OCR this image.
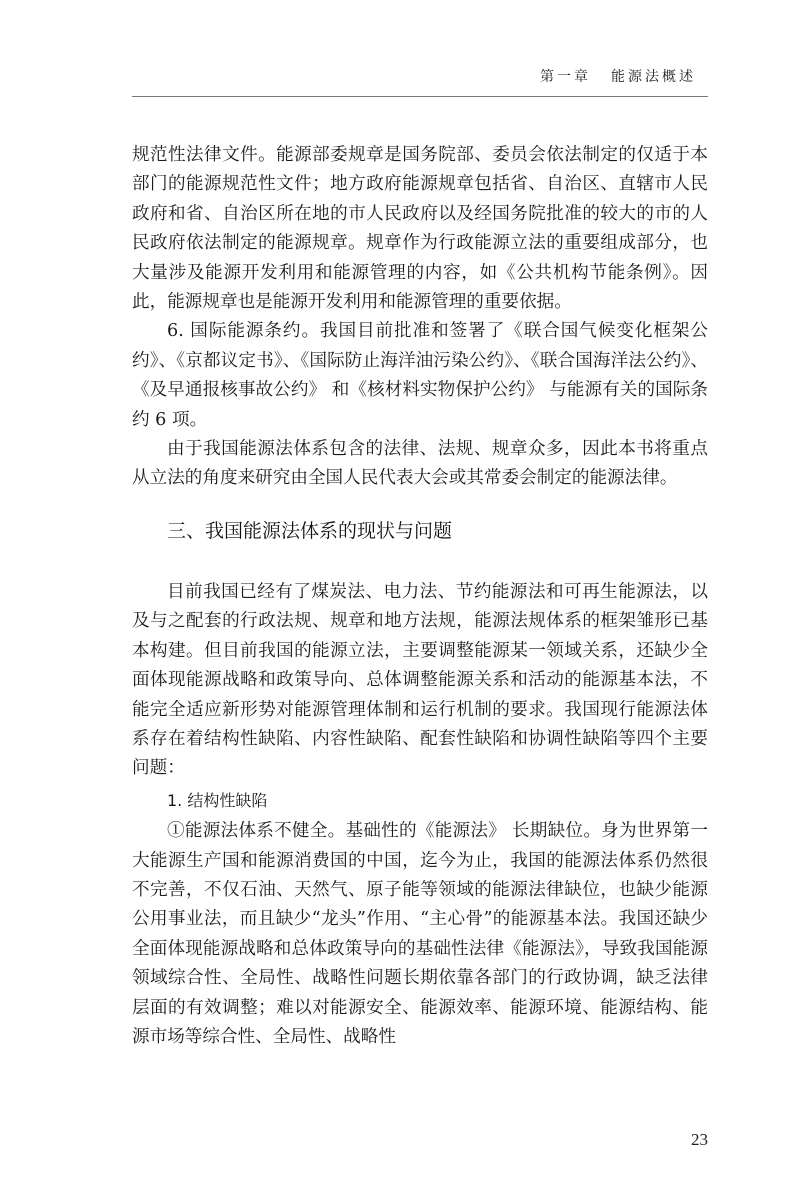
第一章 能源法概述

规范性法律文件。能源部委规章是国务院部、委员会依法制定的仅适于本部门的能源规范性文件；地方政府能源规章包括省、自治区、直辖市人民政府和省、自治区所在地的市人民政府以及经国务院批准的较大的市的人民政府依法制定的能源规章。规章作为行政能源立法的重要组成部分，也大量涉及能源开发利用和能源管理的内容，如《公共机构节能条例》。因此，能源规章也是能源开发利用和能源管理的重要依据。

6. 国际能源条约。我国目前批准和签署了《联合国气候变化框架公约》、《京都议定书》、《国际防止海洋油污染公约》、《联合国海洋法公约》、《及早通报核事故公约》 和《核材料实物保护公约》 与能源有关的国际条约 6 项。

由于我国能源法体系包含的法律、法规、规章众多，因此本书将重点从立法的角度来研究由全国人民代表大会或其常委会制定的能源法律。

三、我国能源法体系的现状与问题

目前我国已经有了煤炭法、电力法、节约能源法和可再生能源法，以及与之配套的行政法规、规章和地方法规，能源法规体系的框架雏形已基本构建。但目前我国的能源立法，主要调整能源某一领域关系，还缺少全面体现能源战略和政策导向、总体调整能源关系和活动的能源基本法，不能完全适应新形势对能源管理体制和运行机制的要求。我国现行能源法体系存在着结构性缺陷、内容性缺陷、配套性缺陷和协调性缺陷等四个主要问题：

1. 结构性缺陷

①能源法体系不健全。基础性的《能源法》 长期缺位。身为世界第一大能源生产国和能源消费国的中国，迄今为止，我国的能源法体系仍然很不完善，不仅石油、天然气、原子能等领域的能源法律缺位，也缺少能源公用事业法，而且缺少“龙头”作用、“主心骨”的能源基本法。我国还缺少全面体现能源战略和总体政策导向的基础性法律《能源法》，导致我国能源领域综合性、全局性、战略性问题长期依靠各部门的行政协调，缺乏法律层面的有效调整；难以对能源安全、能源效率、能源环境、能源结构、能源市场等综合性、全局性、战略性

23
